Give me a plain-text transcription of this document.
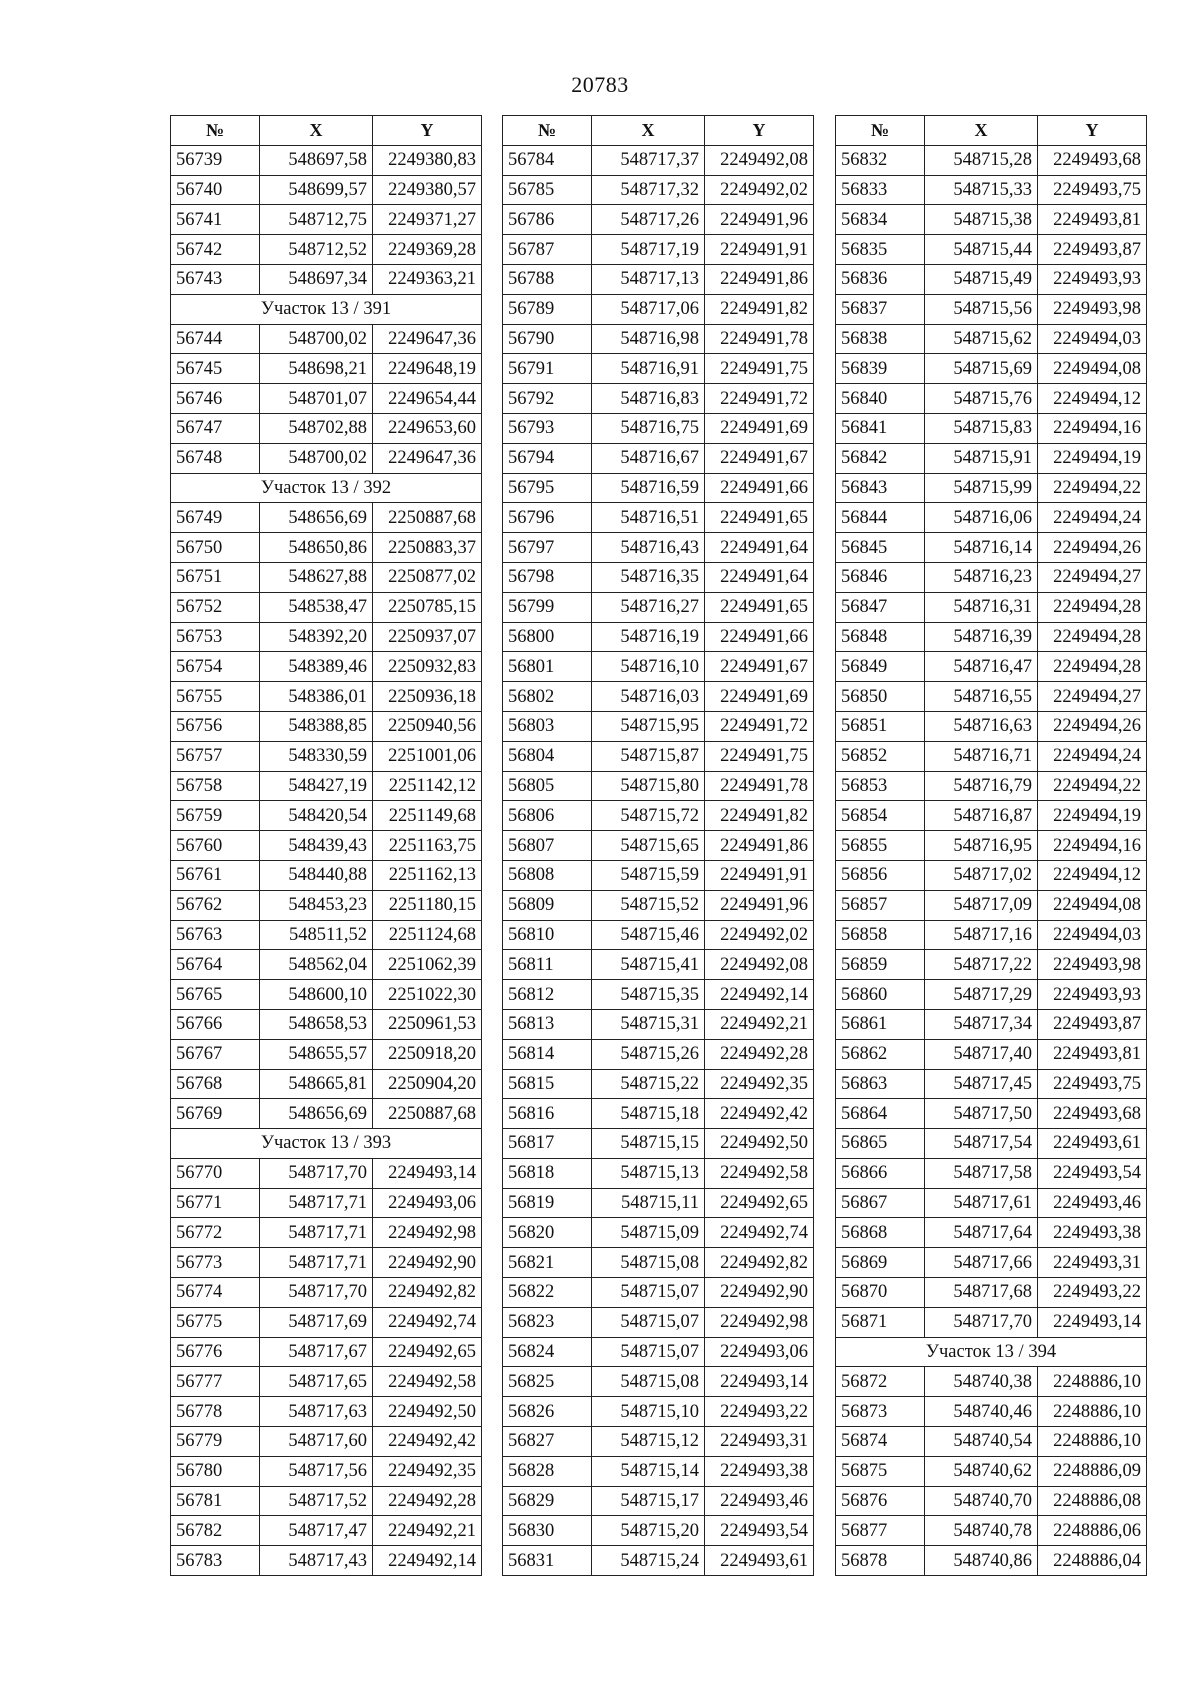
20783
№	X	Y
56739	548697,58	2249380,83
56740	548699,57	2249380,57
56741	548712,75	2249371,27
56742	548712,52	2249369,28
56743	548697,34	2249363,21
Участок 13 / 391		
56744	548700,02	2249647,36
56745	548698,21	2249648,19
56746	548701,07	2249654,44
56747	548702,88	2249653,60
56748	548700,02	2249647,36
Участок 13 / 392		
56749	548656,69	2250887,68
56750	548650,86	2250883,37
56751	548627,88	2250877,02
56752	548538,47	2250785,15
56753	548392,20	2250937,07
56754	548389,46	2250932,83
56755	548386,01	2250936,18
56756	548388,85	2250940,56
56757	548330,59	2251001,06
56758	548427,19	2251142,12
56759	548420,54	2251149,68
56760	548439,43	2251163,75
56761	548440,88	2251162,13
56762	548453,23	2251180,15
56763	548511,52	2251124,68
56764	548562,04	2251062,39
56765	548600,10	2251022,30
56766	548658,53	2250961,53
56767	548655,57	2250918,20
56768	548665,81	2250904,20
56769	548656,69	2250887,68
Участок 13 / 393		
56770	548717,70	2249493,14
56771	548717,71	2249493,06
56772	548717,71	2249492,98
56773	548717,71	2249492,90
56774	548717,70	2249492,82
56775	548717,69	2249492,74
56776	548717,67	2249492,65
56777	548717,65	2249492,58
56778	548717,63	2249492,50
56779	548717,60	2249492,42
56780	548717,56	2249492,35
56781	548717,52	2249492,28
56782	548717,47	2249492,21
56783	548717,43	2249492,14
№	X	Y
56784	548717,37	2249492,08
56785	548717,32	2249492,02
56786	548717,26	2249491,96
56787	548717,19	2249491,91
56788	548717,13	2249491,86
56789	548717,06	2249491,82
56790	548716,98	2249491,78
56791	548716,91	2249491,75
56792	548716,83	2249491,72
56793	548716,75	2249491,69
56794	548716,67	2249491,67
56795	548716,59	2249491,66
56796	548716,51	2249491,65
56797	548716,43	2249491,64
56798	548716,35	2249491,64
56799	548716,27	2249491,65
56800	548716,19	2249491,66
56801	548716,10	2249491,67
56802	548716,03	2249491,69
56803	548715,95	2249491,72
56804	548715,87	2249491,75
56805	548715,80	2249491,78
56806	548715,72	2249491,82
56807	548715,65	2249491,86
56808	548715,59	2249491,91
56809	548715,52	2249491,96
56810	548715,46	2249492,02
56811	548715,41	2249492,08
56812	548715,35	2249492,14
56813	548715,31	2249492,21
56814	548715,26	2249492,28
56815	548715,22	2249492,35
56816	548715,18	2249492,42
56817	548715,15	2249492,50
56818	548715,13	2249492,58
56819	548715,11	2249492,65
56820	548715,09	2249492,74
56821	548715,08	2249492,82
56822	548715,07	2249492,90
56823	548715,07	2249492,98
56824	548715,07	2249493,06
56825	548715,08	2249493,14
56826	548715,10	2249493,22
56827	548715,12	2249493,31
56828	548715,14	2249493,38
56829	548715,17	2249493,46
56830	548715,20	2249493,54
56831	548715,24	2249493,61
№	X	Y
56832	548715,28	2249493,68
56833	548715,33	2249493,75
56834	548715,38	2249493,81
56835	548715,44	2249493,87
56836	548715,49	2249493,93
56837	548715,56	2249493,98
56838	548715,62	2249494,03
56839	548715,69	2249494,08
56840	548715,76	2249494,12
56841	548715,83	2249494,16
56842	548715,91	2249494,19
56843	548715,99	2249494,22
56844	548716,06	2249494,24
56845	548716,14	2249494,26
56846	548716,23	2249494,27
56847	548716,31	2249494,28
56848	548716,39	2249494,28
56849	548716,47	2249494,28
56850	548716,55	2249494,27
56851	548716,63	2249494,26
56852	548716,71	2249494,24
56853	548716,79	2249494,22
56854	548716,87	2249494,19
56855	548716,95	2249494,16
56856	548717,02	2249494,12
56857	548717,09	2249494,08
56858	548717,16	2249494,03
56859	548717,22	2249493,98
56860	548717,29	2249493,93
56861	548717,34	2249493,87
56862	548717,40	2249493,81
56863	548717,45	2249493,75
56864	548717,50	2249493,68
56865	548717,54	2249493,61
56866	548717,58	2249493,54
56867	548717,61	2249493,46
56868	548717,64	2249493,38
56869	548717,66	2249493,31
56870	548717,68	2249493,22
56871	548717,70	2249493,14
Участок 13 / 394		
56872	548740,38	2248886,10
56873	548740,46	2248886,10
56874	548740,54	2248886,10
56875	548740,62	2248886,09
56876	548740,70	2248886,08
56877	548740,78	2248886,06
56878	548740,86	2248886,04
